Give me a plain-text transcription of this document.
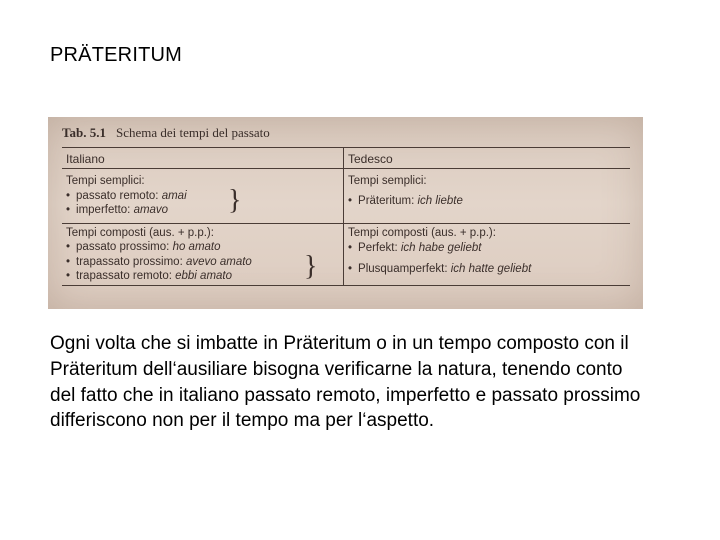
PRÄTERITUM
Tab. 5.1 Schema dei tempi del passato
Italiano	Tedesco
Tempi semplici:
• passato remoto: amai
• imperfetto: amavo }
Tempi semplici:
• Präteritum: ich liebte
Tempi composti (aus. + p.p.):
• passato prossimo: ho amato
• trapassato prossimo: avevo amato
• trapassato remoto: ebbi amato	}
Tempi composti (aus. + p.p.):
• Perfekt: ich habe geliebt
• Plusquamperfekt: ich hatte geliebt
Ogni volta che si imbatte in Präteritum o in un tempo composto con il Präteritum dell‘ausiliare bisogna verificarne la natura, tenendo conto del fatto che in italiano passato remoto, imperfetto e passato prossimo differiscono non per il tempo ma per l‘aspetto.
